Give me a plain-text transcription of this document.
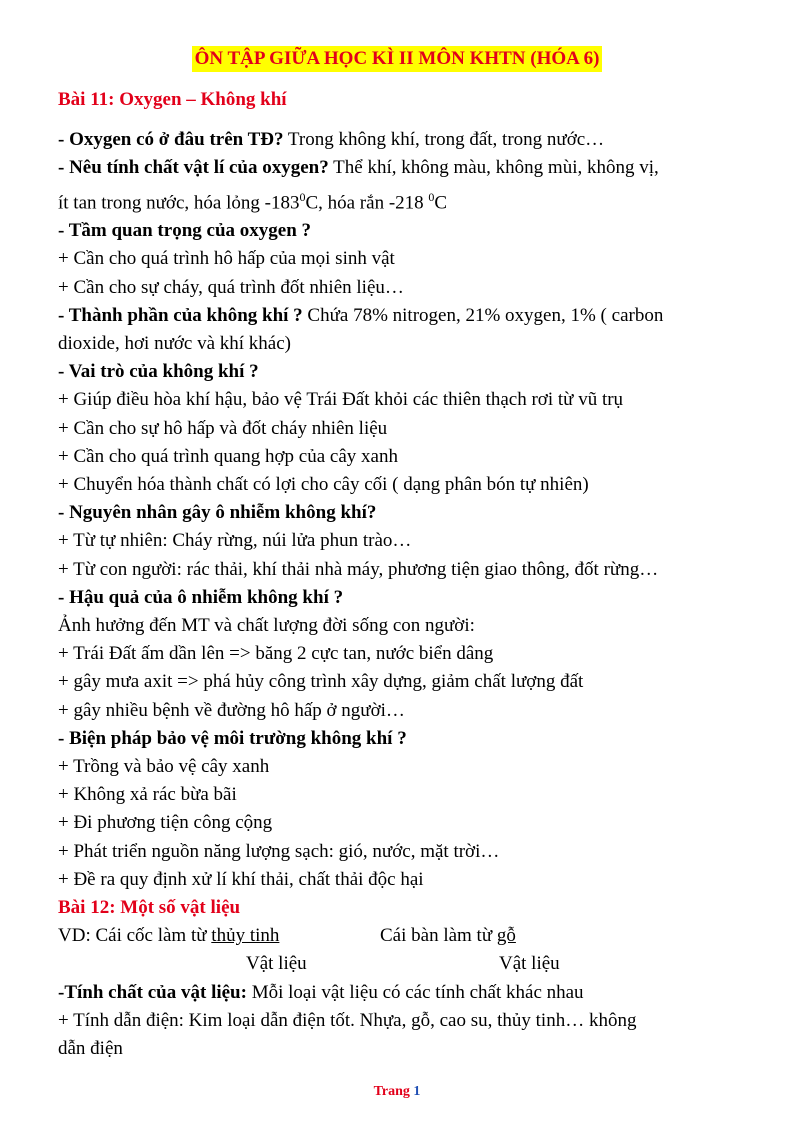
ÔN TẬP GIỮA HỌC KÌ II MÔN KHTN (HÓA 6)
Bài 11: Oxygen – Không khí
- Oxygen có ở đâu trên TĐ? Trong không khí, trong đất, trong nước…
- Nêu tính chất vật lí của oxygen? Thể khí, không màu, không mùi, không vị,
ít tan trong nước, hóa lỏng $-183^0C$, hóa rắn -218 $^0$C
- Tầm quan trọng của oxygen ?
+ Cần cho quá trình hô hấp của mọi sinh vật
+ Cần cho sự cháy, quá trình đốt nhiên liệu…
- Thành phần của không khí ? Chứa 78% nitrogen, 21% oxygen, 1% ( carbon
dioxide, hơi nước và khí khác)
- Vai trò của không khí ?
+ Giúp điều hòa khí hậu, bảo vệ Trái Đất khỏi các thiên thạch rơi từ vũ trụ
+ Cần cho sự hô hấp và đốt cháy nhiên liệu
+ Cần cho quá trình quang hợp của cây xanh
+ Chuyển hóa thành chất có lợi cho cây cối ( dạng phân bón tự nhiên)
- Nguyên nhân gây ô nhiễm không khí?
+ Từ tự nhiên: Cháy rừng, núi lửa phun trào…
+ Từ con người: rác thải, khí thải nhà máy, phương tiện giao thông, đốt rừng…
- Hậu quả của ô nhiễm không khí ?
Ảnh hưởng đến MT và chất lượng đời sống con người:
+ Trái Đất ấm dần lên => băng 2 cực tan, nước biển dâng
+ gây mưa axit => phá hủy công trình xây dựng, giảm chất lượng đất
+ gây nhiều bệnh về đường hô hấp ở người…
- Biện pháp bảo vệ môi trường không khí ?
+ Trồng và bảo vệ cây xanh
+ Không xả rác bừa bãi
+ Đi phương tiện công cộng
+ Phát triển nguồn năng lượng sạch: gió, nước, mặt trời…
+ Đề ra quy định xử lí khí thải, chất thải độc hại
Bài 12: Một số vật liệu
VD: Cái cốc làm từ thủy tinh	Cái bàn làm từ gỗ
Vật liệu	Vật liệu
-Tính chất của vật liệu: Mỗi loại vật liệu có các tính chất khác nhau
+ Tính dẫn điện: Kim loại dẫn điện tốt. Nhựa, gỗ, cao su, thủy tinh… không
dẫn điện
Trang 1
